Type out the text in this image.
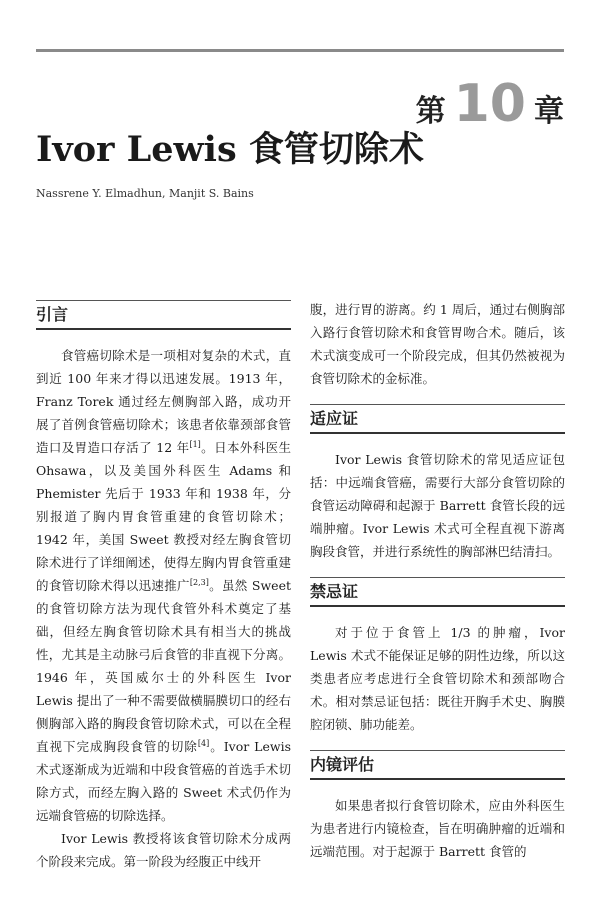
第 10 章
Ivor Lewis 食管切除术
Nassrene Y. Elmadhun, Manjit S. Bains
引言

食管癌切除术是一项相对复杂的术式，直到近 100 年来才得以迅速发展。1913 年，Franz Torek 通过经左侧胸部入路，成功开展了首例食管癌切除术；该患者依靠颈部食管造口及胃造口存活了 12 年[1]。日本外科医生 Ohsawa，以及美国外科医生 Adams 和 Phemister 先后于 1933 年和 1938 年，分别报道了胸内胃食管重建的食管切除术；1942 年，美国 Sweet 教授对经左胸食管切除术进行了详细阐述，使得左胸内胃食管重建的食管切除术得以迅速推广[2,3]。虽然 Sweet 的食管切除方法为现代食管外科术奠定了基础，但经左胸食管切除术具有相当大的挑战性，尤其是主动脉弓后食管的非直视下分离。1946 年，英国威尔士的外科医生 Ivor Lewis 提出了一种不需要做横膈膜切口的经右侧胸部入路的胸段食管切除术式，可以在全程直视下完成胸段食管的切除[4]。Ivor Lewis 术式逐渐成为近端和中段食管癌的首选手术切除方式，而经左胸入路的 Sweet 术式仍作为远端食管癌的切除选择。

Ivor Lewis 教授将该食管切除术分成两个阶段来完成。第一阶段为经腹正中线开

腹，进行胃的游离。约 1 周后，通过右侧胸部入路行食管切除术和食管胃吻合术。随后，该术式演变成可一个阶段完成，但其仍然被视为食管切除术的金标准。

适应证

Ivor Lewis 食管切除术的常见适应证包括：中远端食管癌，需要行大部分食管切除的食管运动障碍和起源于 Barrett 食管长段的远端肿瘤。Ivor Lewis 术式可全程直视下游离胸段食管，并进行系统性的胸部淋巴结清扫。

禁忌证

对于位于食管上 1/3 的肿瘤，Ivor Lewis 术式不能保证足够的阴性边缘，所以这类患者应考虑进行全食管切除术和颈部吻合术。相对禁忌证包括：既往开胸手术史、胸膜腔闭锁、肺功能差。

内镜评估

如果患者拟行食管切除术，应由外科医生为患者进行内镜检查，旨在明确肿瘤的近端和远端范围。对于起源于 Barrett 食管的
